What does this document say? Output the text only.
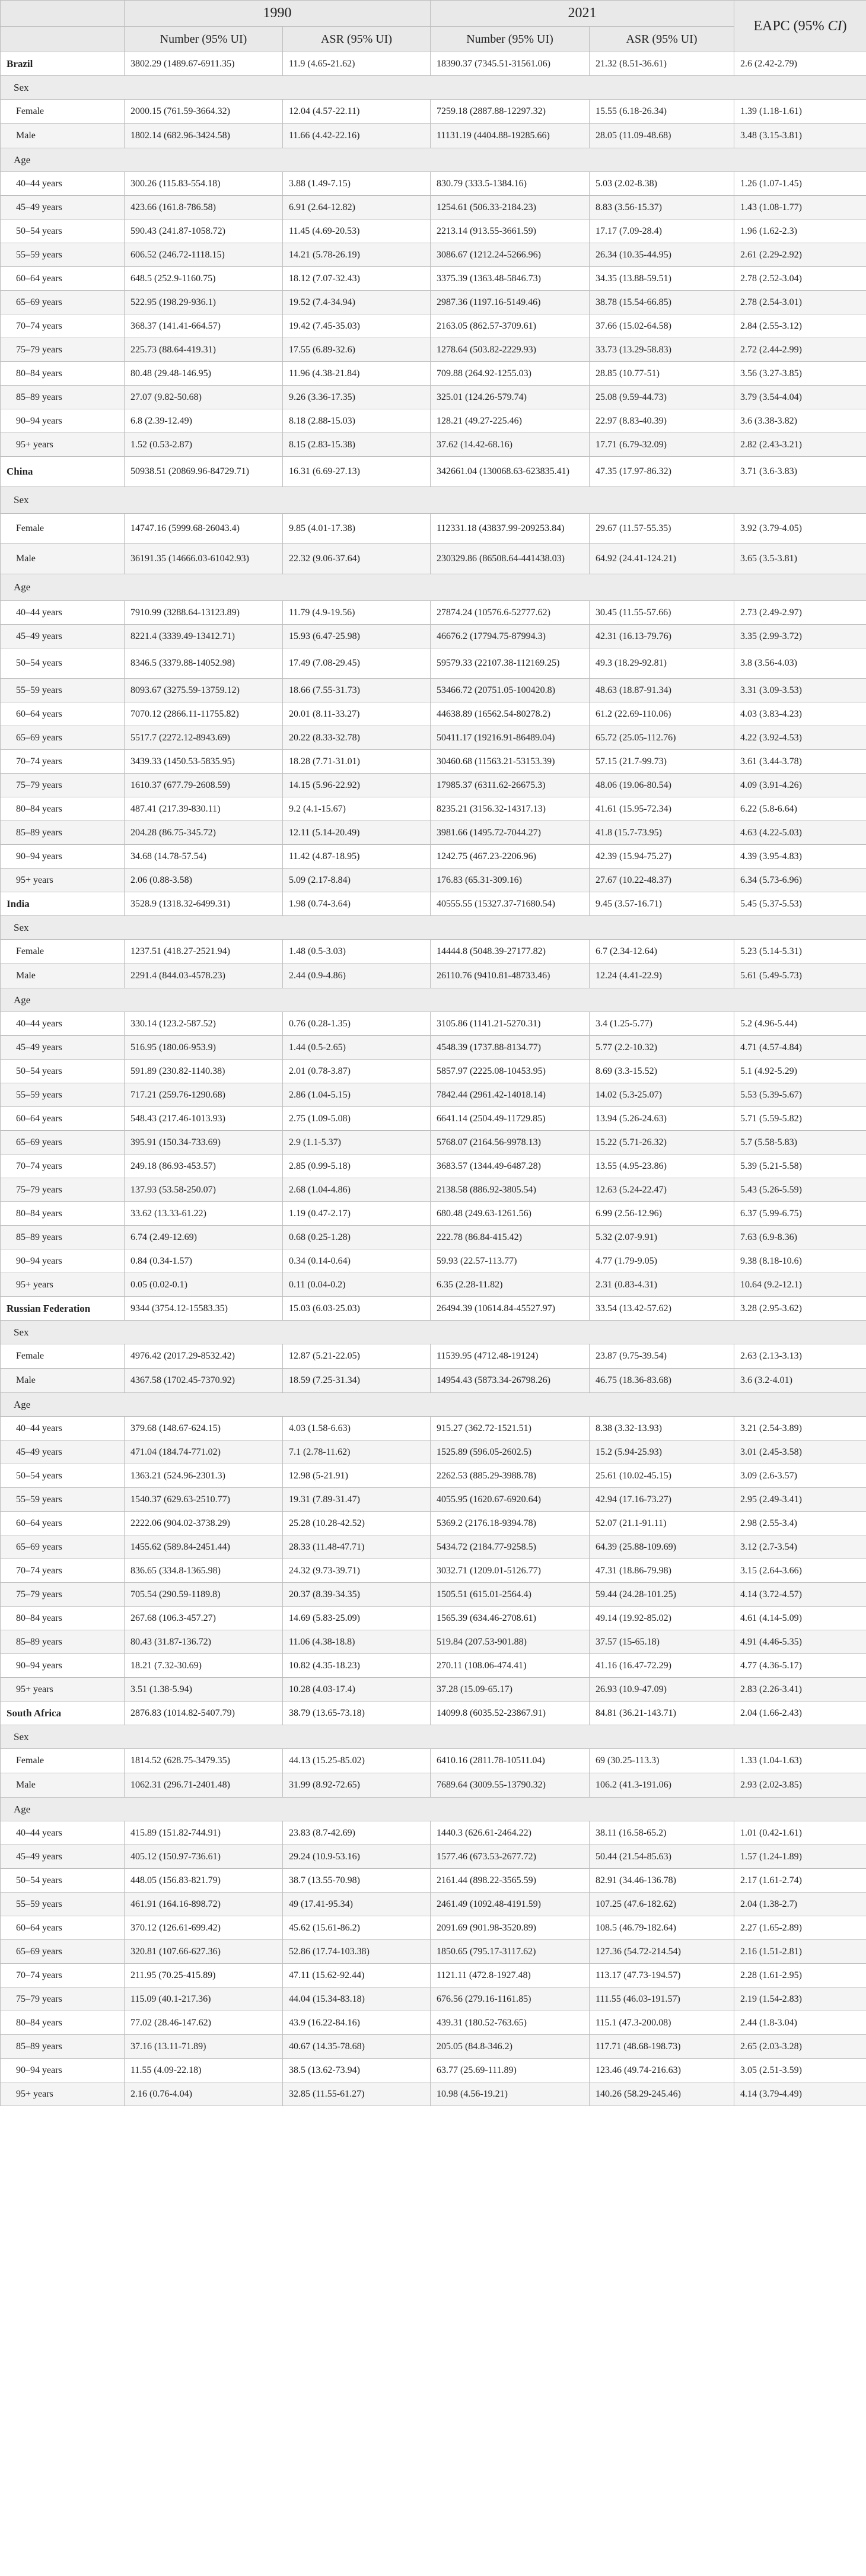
	1990		2021		EAPC (95% CI)
	Number (95% UI)	ASR (95% UI)	Number (95% UI)	ASR (95% UI)	
Brazil	3802.29 (1489.67-6911.35)	11.9 (4.65-21.62)	18390.37 (7345.51-31561.06)	21.32 (8.51-36.61)	2.6 (2.42-2.79)
Sex					
Female	2000.15 (761.59-3664.32)	12.04 (4.57-22.11)	7259.18 (2887.88-12297.32)	15.55 (6.18-26.34)	1.39 (1.18-1.61)
Male	1802.14 (682.96-3424.58)	11.66 (4.42-22.16)	11131.19 (4404.88-19285.66)	28.05 (11.09-48.68)	3.48 (3.15-3.81)
Age					
40–44 years	300.26 (115.83-554.18)	3.88 (1.49-7.15)	830.79 (333.5-1384.16)	5.03 (2.02-8.38)	1.26 (1.07-1.45)
45–49 years	423.66 (161.8-786.58)	6.91 (2.64-12.82)	1254.61 (506.33-2184.23)	8.83 (3.56-15.37)	1.43 (1.08-1.77)
50–54 years	590.43 (241.87-1058.72)	11.45 (4.69-20.53)	2213.14 (913.55-3661.59)	17.17 (7.09-28.4)	1.96 (1.62-2.3)
55–59 years	606.52 (246.72-1118.15)	14.21 (5.78-26.19)	3086.67 (1212.24-5266.96)	26.34 (10.35-44.95)	2.61 (2.29-2.92)
60–64 years	648.5 (252.9-1160.75)	18.12 (7.07-32.43)	3375.39 (1363.48-5846.73)	34.35 (13.88-59.51)	2.78 (2.52-3.04)
65–69 years	522.95 (198.29-936.1)	19.52 (7.4-34.94)	2987.36 (1197.16-5149.46)	38.78 (15.54-66.85)	2.78 (2.54-3.01)
70–74 years	368.37 (141.41-664.57)	19.42 (7.45-35.03)	2163.05 (862.57-3709.61)	37.66 (15.02-64.58)	2.84 (2.55-3.12)
75–79 years	225.73 (88.64-419.31)	17.55 (6.89-32.6)	1278.64 (503.82-2229.93)	33.73 (13.29-58.83)	2.72 (2.44-2.99)
80–84 years	80.48 (29.48-146.95)	11.96 (4.38-21.84)	709.88 (264.92-1255.03)	28.85 (10.77-51)	3.56 (3.27-3.85)
85–89 years	27.07 (9.82-50.68)	9.26 (3.36-17.35)	325.01 (124.26-579.74)	25.08 (9.59-44.73)	3.79 (3.54-4.04)
90–94 years	6.8 (2.39-12.49)	8.18 (2.88-15.03)	128.21 (49.27-225.46)	22.97 (8.83-40.39)	3.6 (3.38-3.82)
95+ years	1.52 (0.53-2.87)	8.15 (2.83-15.38)	37.62 (14.42-68.16)	17.71 (6.79-32.09)	2.82 (2.43-3.21)
China	50938.51 (20869.96-84729.71)	16.31 (6.69-27.13)	342661.04 (130068.63-623835.41)	47.35 (17.97-86.32)	3.71 (3.6-3.83)
Sex					
Female	14747.16 (5999.68-26043.4)	9.85 (4.01-17.38)	112331.18 (43837.99-209253.84)	29.67 (11.57-55.35)	3.92 (3.79-4.05)
Male	36191.35 (14666.03-61042.93)	22.32 (9.06-37.64)	230329.86 (86508.64-441438.03)	64.92 (24.41-124.21)	3.65 (3.5-3.81)
Age					
40–44 years	7910.99 (3288.64-13123.89)	11.79 (4.9-19.56)	27874.24 (10576.6-52777.62)	30.45 (11.55-57.66)	2.73 (2.49-2.97)
45–49 years	8221.4 (3339.49-13412.71)	15.93 (6.47-25.98)	46676.2 (17794.75-87994.3)	42.31 (16.13-79.76)	3.35 (2.99-3.72)
50–54 years	8346.5 (3379.88-14052.98)	17.49 (7.08-29.45)	59579.33 (22107.38-112169.25)	49.3 (18.29-92.81)	3.8 (3.56-4.03)
55–59 years	8093.67 (3275.59-13759.12)	18.66 (7.55-31.73)	53466.72 (20751.05-100420.8)	48.63 (18.87-91.34)	3.31 (3.09-3.53)
60–64 years	7070.12 (2866.11-11755.82)	20.01 (8.11-33.27)	44638.89 (16562.54-80278.2)	61.2 (22.69-110.06)	4.03 (3.83-4.23)
65–69 years	5517.7 (2272.12-8943.69)	20.22 (8.33-32.78)	50411.17 (19216.91-86489.04)	65.72 (25.05-112.76)	4.22 (3.92-4.53)
70–74 years	3439.33 (1450.53-5835.95)	18.28 (7.71-31.01)	30460.68 (11563.21-53153.39)	57.15 (21.7-99.73)	3.61 (3.44-3.78)
75–79 years	1610.37 (677.79-2608.59)	14.15 (5.96-22.92)	17985.37 (6311.62-26675.3)	48.06 (19.06-80.54)	4.09 (3.91-4.26)
80–84 years	487.41 (217.39-830.11)	9.2 (4.1-15.67)	8235.21 (3156.32-14317.13)	41.61 (15.95-72.34)	6.22 (5.8-6.64)
85–89 years	204.28 (86.75-345.72)	12.11 (5.14-20.49)	3981.66 (1495.72-7044.27)	41.8 (15.7-73.95)	4.63 (4.22-5.03)
90–94 years	34.68 (14.78-57.54)	11.42 (4.87-18.95)	1242.75 (467.23-2206.96)	42.39 (15.94-75.27)	4.39 (3.95-4.83)
95+ years	2.06 (0.88-3.58)	5.09 (2.17-8.84)	176.83 (65.31-309.16)	27.67 (10.22-48.37)	6.34 (5.73-6.96)
India	3528.9 (1318.32-6499.31)	1.98 (0.74-3.64)	40555.55 (15327.37-71680.54)	9.45 (3.57-16.71)	5.45 (5.37-5.53)
Sex					
Female	1237.51 (418.27-2521.94)	1.48 (0.5-3.03)	14444.8 (5048.39-27177.82)	6.7 (2.34-12.64)	5.23 (5.14-5.31)
Male	2291.4 (844.03-4578.23)	2.44 (0.9-4.86)	26110.76 (9410.81-48733.46)	12.24 (4.41-22.9)	5.61 (5.49-5.73)
Age					
40–44 years	330.14 (123.2-587.52)	0.76 (0.28-1.35)	3105.86 (1141.21-5270.31)	3.4 (1.25-5.77)	5.2 (4.96-5.44)
45–49 years	516.95 (180.06-953.9)	1.44 (0.5-2.65)	4548.39 (1737.88-8134.77)	5.77 (2.2-10.32)	4.71 (4.57-4.84)
50–54 years	591.89 (230.82-1140.38)	2.01 (0.78-3.87)	5857.97 (2225.08-10453.95)	8.69 (3.3-15.52)	5.1 (4.92-5.29)
55–59 years	717.21 (259.76-1290.68)	2.86 (1.04-5.15)	7842.44 (2961.42-14018.14)	14.02 (5.3-25.07)	5.53 (5.39-5.67)
60–64 years	548.43 (217.46-1013.93)	2.75 (1.09-5.08)	6641.14 (2504.49-11729.85)	13.94 (5.26-24.63)	5.71 (5.59-5.82)
65–69 years	395.91 (150.34-733.69)	2.9 (1.1-5.37)	5768.07 (2164.56-9978.13)	15.22 (5.71-26.32)	5.7 (5.58-5.83)
70–74 years	249.18 (86.93-453.57)	2.85 (0.99-5.18)	3683.57 (1344.49-6487.28)	13.55 (4.95-23.86)	5.39 (5.21-5.58)
75–79 years	137.93 (53.58-250.07)	2.68 (1.04-4.86)	2138.58 (886.92-3805.54)	12.63 (5.24-22.47)	5.43 (5.26-5.59)
80–84 years	33.62 (13.33-61.22)	1.19 (0.47-2.17)	680.48 (249.63-1261.56)	6.99 (2.56-12.96)	6.37 (5.99-6.75)
85–89 years	6.74 (2.49-12.69)	0.68 (0.25-1.28)	222.78 (86.84-415.42)	5.32 (2.07-9.91)	7.63 (6.9-8.36)
90–94 years	0.84 (0.34-1.57)	0.34 (0.14-0.64)	59.93 (22.57-113.77)	4.77 (1.79-9.05)	9.38 (8.18-10.6)
95+ years	0.05 (0.02-0.1)	0.11 (0.04-0.2)	6.35 (2.28-11.82)	2.31 (0.83-4.31)	10.64 (9.2-12.1)
Russian Federation	9344 (3754.12-15583.35)	15.03 (6.03-25.03)	26494.39 (10614.84-45527.97)	33.54 (13.42-57.62)	3.28 (2.95-3.62)
Sex					
Female	4976.42 (2017.29-8532.42)	12.87 (5.21-22.05)	11539.95 (4712.48-19124)	23.87 (9.75-39.54)	2.63 (2.13-3.13)
Male	4367.58 (1702.45-7370.92)	18.59 (7.25-31.34)	14954.43 (5873.34-26798.26)	46.75 (18.36-83.68)	3.6 (3.2-4.01)
Age					
40–44 years	379.68 (148.67-624.15)	4.03 (1.58-6.63)	915.27 (362.72-1521.51)	8.38 (3.32-13.93)	3.21 (2.54-3.89)
45–49 years	471.04 (184.74-771.02)	7.1 (2.78-11.62)	1525.89 (596.05-2602.5)	15.2 (5.94-25.93)	3.01 (2.45-3.58)
50–54 years	1363.21 (524.96-2301.3)	12.98 (5-21.91)	2262.53 (885.29-3988.78)	25.61 (10.02-45.15)	3.09 (2.6-3.57)
55–59 years	1540.37 (629.63-2510.77)	19.31 (7.89-31.47)	4055.95 (1620.67-6920.64)	42.94 (17.16-73.27)	2.95 (2.49-3.41)
60–64 years	2222.06 (904.02-3738.29)	25.28 (10.28-42.52)	5369.2 (2176.18-9394.78)	52.07 (21.1-91.11)	2.98 (2.55-3.4)
65–69 years	1455.62 (589.84-2451.44)	28.33 (11.48-47.71)	5434.72 (2184.77-9258.5)	64.39 (25.88-109.69)	3.12 (2.7-3.54)
70–74 years	836.65 (334.8-1365.98)	24.32 (9.73-39.71)	3032.71 (1209.01-5126.77)	47.31 (18.86-79.98)	3.15 (2.64-3.66)
75–79 years	705.54 (290.59-1189.8)	20.37 (8.39-34.35)	1505.51 (615.01-2564.4)	59.44 (24.28-101.25)	4.14 (3.72-4.57)
80–84 years	267.68 (106.3-457.27)	14.69 (5.83-25.09)	1565.39 (634.46-2708.61)	49.14 (19.92-85.02)	4.61 (4.14-5.09)
85–89 years	80.43 (31.87-136.72)	11.06 (4.38-18.8)	519.84 (207.53-901.88)	37.57 (15-65.18)	4.91 (4.46-5.35)
90–94 years	18.21 (7.32-30.69)	10.82 (4.35-18.23)	270.11 (108.06-474.41)	41.16 (16.47-72.29)	4.77 (4.36-5.17)
95+ years	3.51 (1.38-5.94)	10.28 (4.03-17.4)	37.28 (15.09-65.17)	26.93 (10.9-47.09)	2.83 (2.26-3.41)
South Africa	2876.83 (1014.82-5407.79)	38.79 (13.65-73.18)	14099.8 (6035.52-23867.91)	84.81 (36.21-143.71)	2.04 (1.66-2.43)
Sex					
Female	1814.52 (628.75-3479.35)	44.13 (15.25-85.02)	6410.16 (2811.78-10511.04)	69 (30.25-113.3)	1.33 (1.04-1.63)
Male	1062.31 (296.71-2401.48)	31.99 (8.92-72.65)	7689.64 (3009.55-13790.32)	106.2 (41.3-191.06)	2.93 (2.02-3.85)
Age					
40–44 years	415.89 (151.82-744.91)	23.83 (8.7-42.69)	1440.3 (626.61-2464.22)	38.11 (16.58-65.2)	1.01 (0.42-1.61)
45–49 years	405.12 (150.97-736.61)	29.24 (10.9-53.16)	1577.46 (673.53-2677.72)	50.44 (21.54-85.63)	1.57 (1.24-1.89)
50–54 years	448.05 (156.83-821.79)	38.7 (13.55-70.98)	2161.44 (898.22-3565.59)	82.91 (34.46-136.78)	2.17 (1.61-2.74)
55–59 years	461.91 (164.16-898.72)	49 (17.41-95.34)	2461.49 (1092.48-4191.59)	107.25 (47.6-182.62)	2.04 (1.38-2.7)
60–64 years	370.12 (126.61-699.42)	45.62 (15.61-86.2)	2091.69 (901.98-3520.89)	108.5 (46.79-182.64)	2.27 (1.65-2.89)
65–69 years	320.81 (107.66-627.36)	52.86 (17.74-103.38)	1850.65 (795.17-3117.62)	127.36 (54.72-214.54)	2.16 (1.51-2.81)
70–74 years	211.95 (70.25-415.89)	47.11 (15.62-92.44)	1121.11 (472.8-1927.48)	113.17 (47.73-194.57)	2.28 (1.61-2.95)
75–79 years	115.09 (40.1-217.36)	44.04 (15.34-83.18)	676.56 (279.16-1161.85)	111.55 (46.03-191.57)	2.19 (1.54-2.83)
80–84 years	77.02 (28.46-147.62)	43.9 (16.22-84.16)	439.31 (180.52-763.65)	115.1 (47.3-200.08)	2.44 (1.8-3.04)
85–89 years	37.16 (13.11-71.89)	40.67 (14.35-78.68)	205.05 (84.8-346.2)	117.71 (48.68-198.73)	2.65 (2.03-3.28)
90–94 years	11.55 (4.09-22.18)	38.5 (13.62-73.94)	63.77 (25.69-111.89)	123.46 (49.74-216.63)	3.05 (2.51-3.59)
95+ years	2.16 (0.76-4.04)	32.85 (11.55-61.27)	10.98 (4.56-19.21)	140.26 (58.29-245.46)	4.14 (3.79-4.49)
